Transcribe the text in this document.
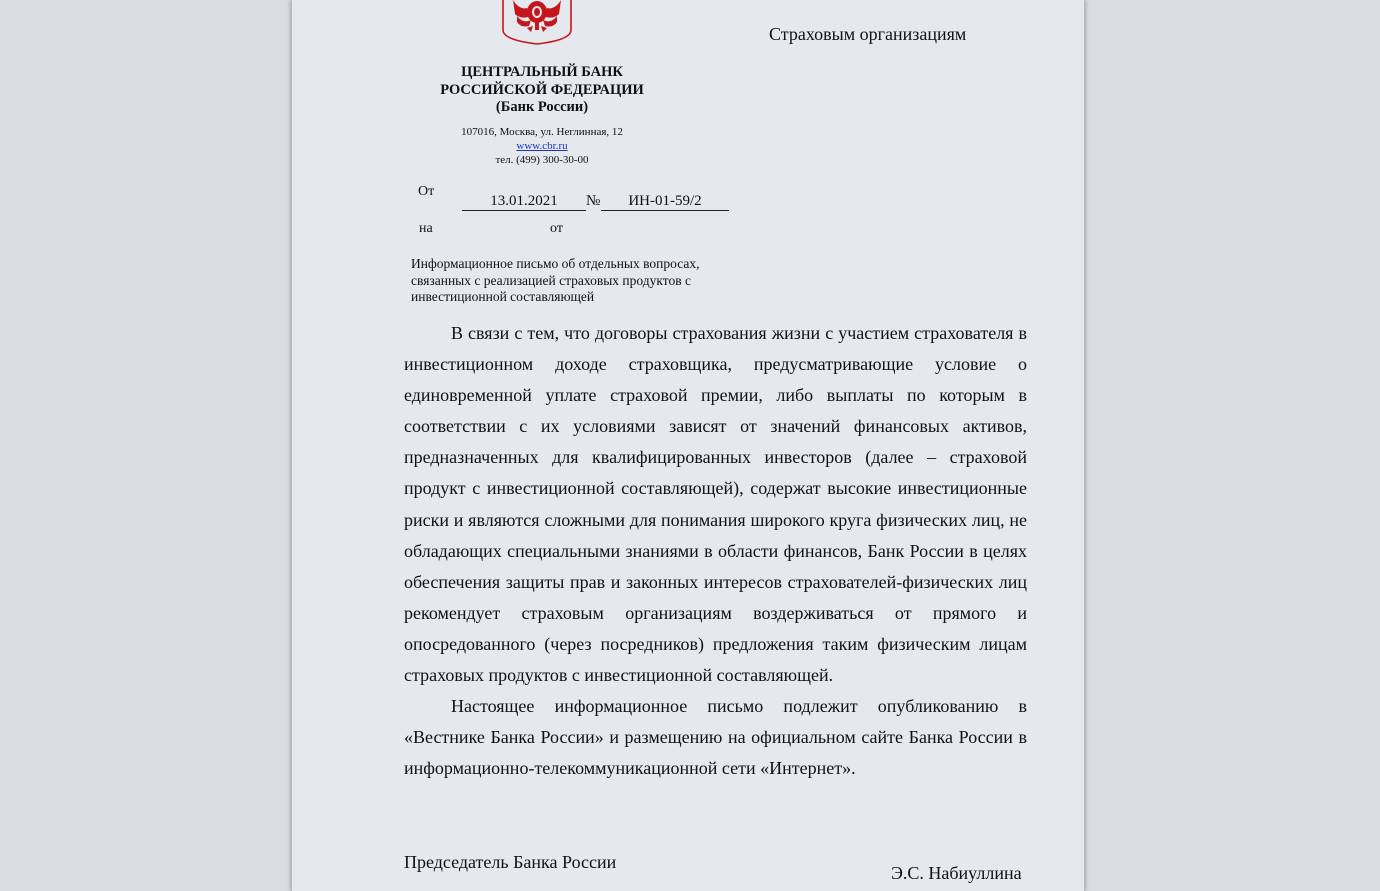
Страховым организациям
ЦЕНТРАЛЬНЫЙ БАНК
РОССИЙСКОЙ ФЕДЕРАЦИИ
(Банк России)
107016, Москва, ул. Неглинная, 12
www.cbr.ru
тел. (499) 300-30-00
От
13.01.2021	№	ИН-01-59/2
на	от
Информационное письмо об отдельных вопросах, связанных с реализацией страховых продуктов с инвестиционной составляющей

В связи с тем, что договоры страхования жизни с участием страхователя в инвестиционном доходе страховщика, предусматривающие условие о единовременной уплате страховой премии, либо выплаты по которым в соответствии с их условиями зависят от значений финансовых активов, предназначенных для квалифицированных инвесторов (далее – страховой продукт с инвестиционной составляющей), содержат высокие инвестиционные риски и являются сложными для понимания широкого круга физических лиц, не обладающих специальными знаниями в области финансов, Банк России в целях обеспечения защиты прав и законных интересов страхователей-физических лиц рекомендует страховым организациям воздерживаться от прямого и опосредованного (через посредников) предложения таким физическим лицам страховых продуктов с инвестиционной составляющей.

Настоящее информационное письмо подлежит опубликованию в «Вестнике Банка России» и размещению на официальном сайте Банка России в информационно-телекоммуникационной сети «Интернет».

Председатель Банка России
Э.С. Набиуллина
